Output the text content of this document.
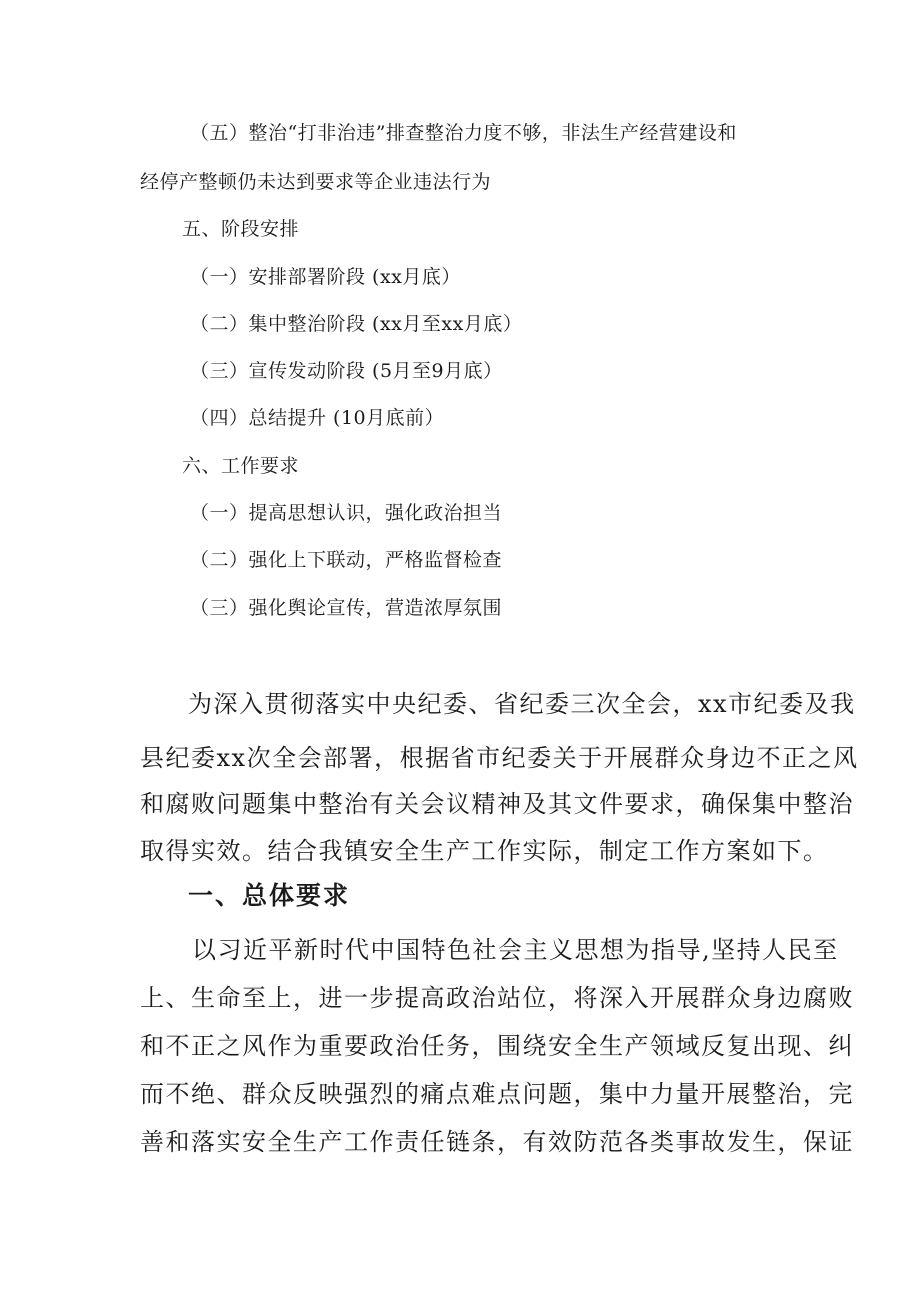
（五）整治“打非治违”排查整治力度不够，非法生产经营建设和
经停产整顿仍未达到要求等企业违法行为
五、阶段安排
（一）安排部署阶段 (xx月底）
（二）集中整治阶段 (xx月至xx月底）
（三）宣传发动阶段 (5月至9月底）
（四）总结提升 (10月底前）
六、工作要求
（一）提高思想认识，强化政治担当
（二）强化上下联动，严格监督检查
（三）强化舆论宣传，营造浓厚氛围
为深入贯彻落实中央纪委、省纪委三次全会，xx市纪委及我
县纪委xx次全会部署，根据省市纪委关于开展群众身边不正之风
和腐败问题集中整治有关会议精神及其文件要求，确保集中整治
取得实效。结合我镇安全生产工作实际，制定工作方案如下。
一、总体要求
以习近平新时代中国特色社会主义思想为指导,坚持人民至
上、生命至上，进一步提高政治站位，将深入开展群众身边腐败
和不正之风作为重要政治任务，围绕安全生产领域反复出现、纠
而不绝、群众反映强烈的痛点难点问题，集中力量开展整治，完
善和落实安全生产工作责任链条，有效防范各类事故发生，保证
